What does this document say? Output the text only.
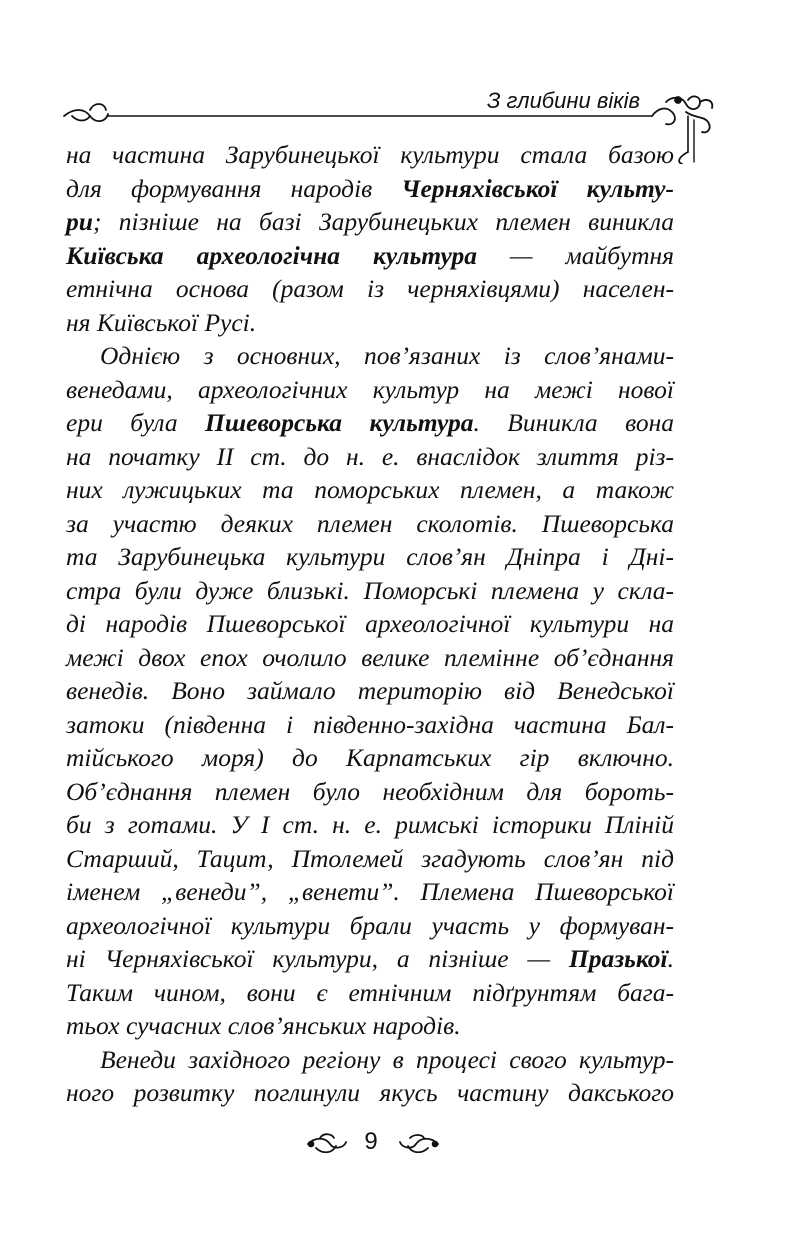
З глибини віків
на частина Зарубинецької культури стала базою
для формування народів Черняхівської культу-
ри; пізніше на базі Зарубинецьких племен виникла
Київська археологічна культура — майбутня
етнічна основа (разом із черняхівцями) населен-
ня Київської Русі.
Однією з основних, пов’язаних із слов’янами-
венедами, археологічних культур на межі нової
ери була Пшеворська культура. Виникла вона
на початку II ст. до н. е. внаслідок злиття різ-
них лужицьких та поморських племен, а також
за участю деяких племен сколотів. Пшеворська
та Зарубинецька культури слов’ян Дніпра і Дні-
стра були дуже близькі. Поморські племена у скла-
ді народів Пшеворської археологічної культури на
межі двох епох очолило велике племінне об’єднання
венедів. Воно займало територію від Венедської
затоки (південна і південно-західна частина Бал-
тійського моря) до Карпатських гір включно.
Об’єднання племен було необхідним для бороть-
би з готами. У I ст. н. е. римські історики Пліній
Старший, Тацит, Птолемей згадують слов’ян під
іменем „венеди”, „венети”. Племена Пшеворської
археологічної культури брали участь у формуван-
ні Черняхівської культури, а пізніше — Празької.
Таким чином, вони є етнічним підґрунтям бага-
тьох сучасних слов’янських народів.
Венеди західного регіону в процесі свого культур-
ного розвитку поглинули якусь частину дакського
9
